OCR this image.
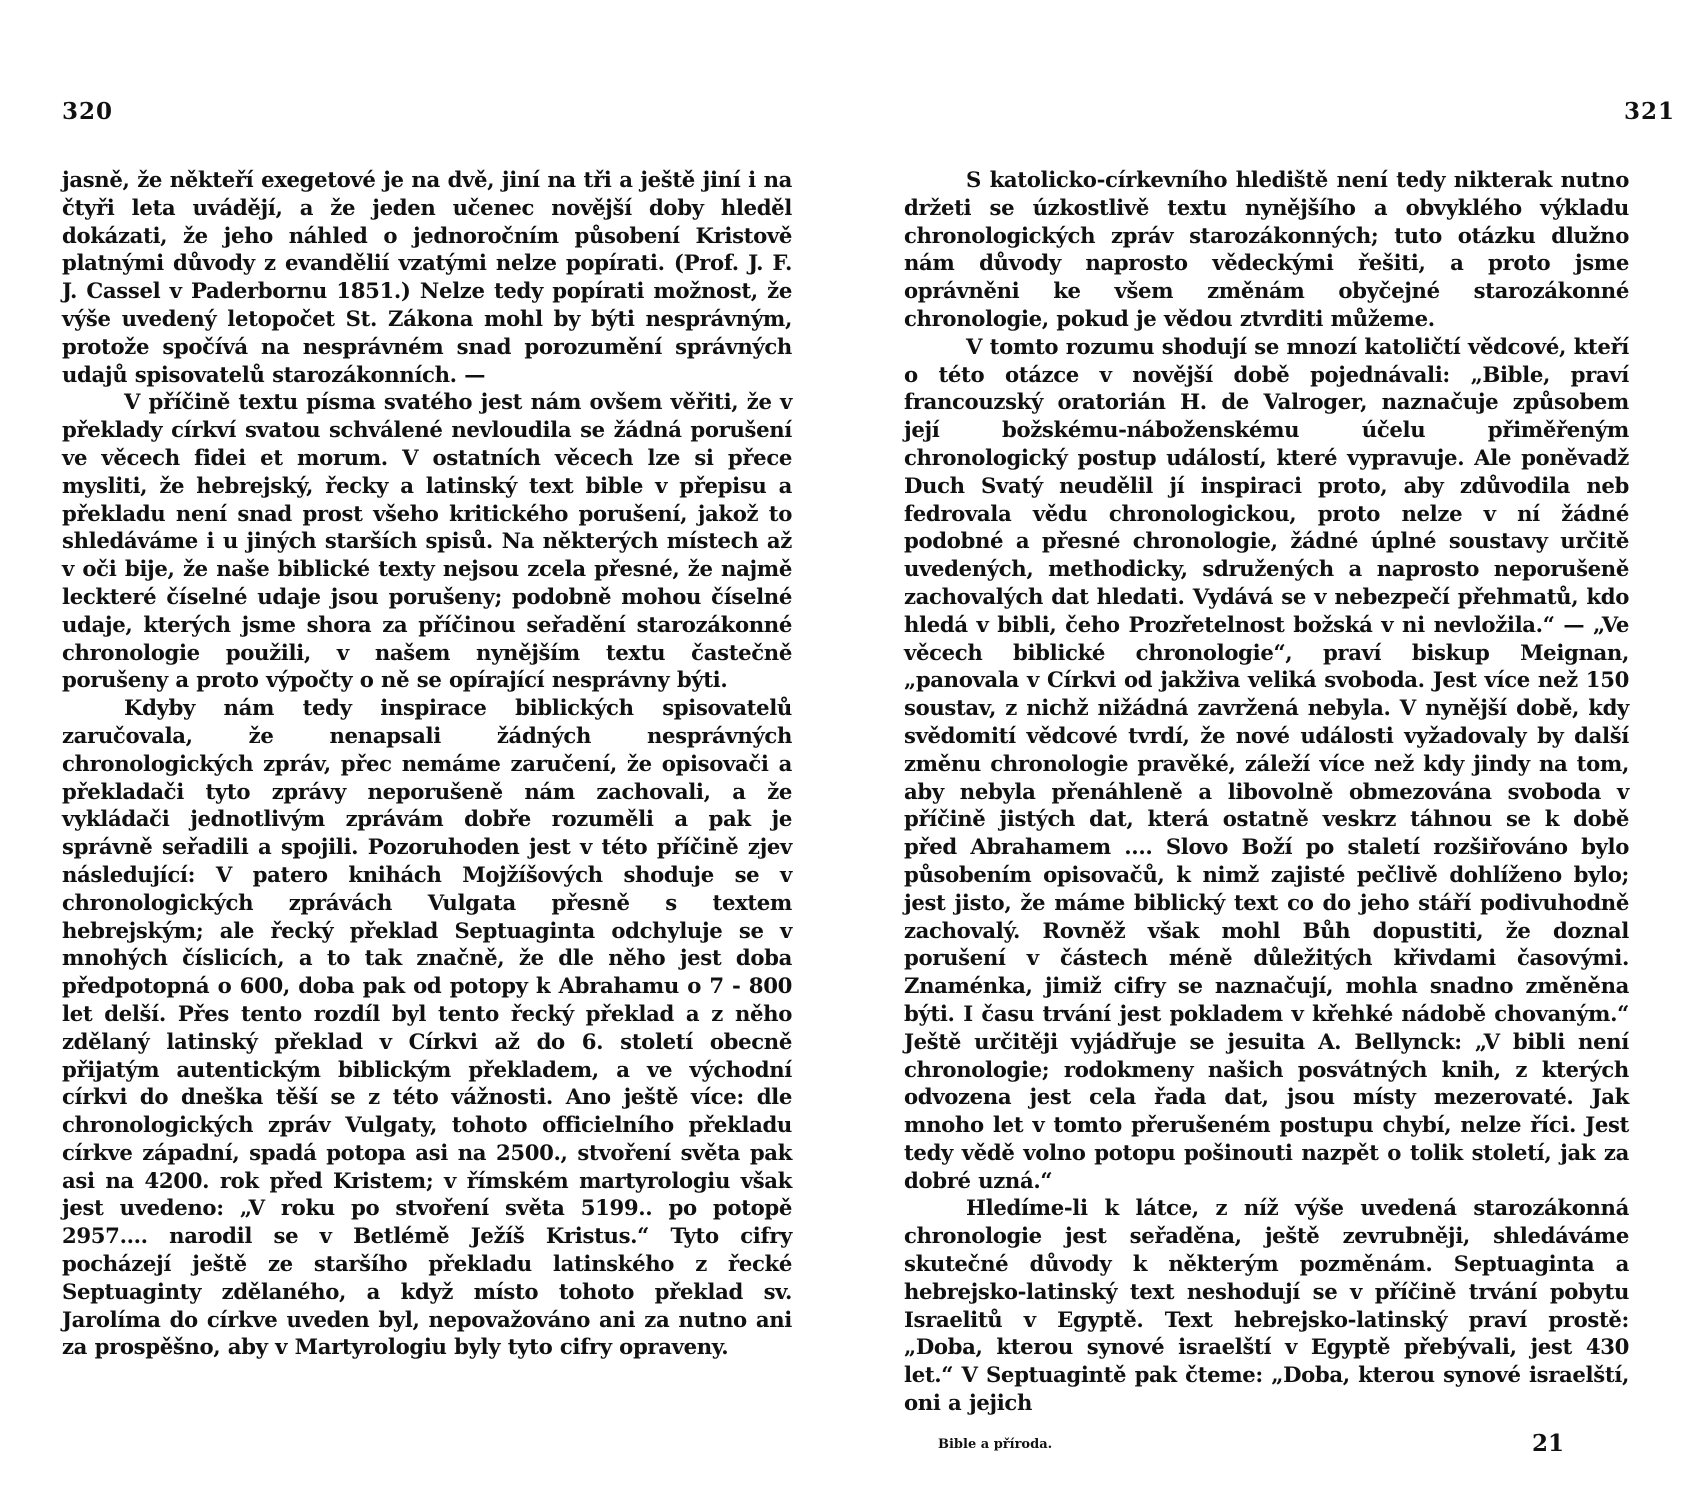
320

jasně, že někteří exegetové je na dvě, jiní na tři a ještě jiní i na čtyři leta uvádějí, a že jeden učenec novější doby hleděl dokázati, že jeho náhled o jednoročním působení Kristově platnými důvody z evandělií vzatými nelze popírati. (Prof. J. F. J. Cassel v Paderbornu 1851.) Nelze tedy popírati možnost, že výše uvedený letopočet St. Zákona mohl by býti nesprávným, protože spočívá na nesprávném snad porozumění správných udajů spisovatelů starozákonních. —

V příčině textu písma svatého jest nám ovšem věřiti, že v překlady církví svatou schválené nevloudila se žádná porušení ve věcech fidei et morum. V ostatních věcech lze si přece mysliti, že hebrejský, řecky a latinský text bible v přepisu a překladu není snad prost všeho kritického porušení, jakož to shledáváme i u jiných starších spisů. Na některých místech až v oči bije, že naše biblické texty nejsou zcela přesné, že najmě leckteré číselné udaje jsou porušeny; podobně mohou číselné udaje, kterých jsme shora za příčinou seřadění starozákonné chronologie použili, v našem nynějším textu častečně porušeny a proto výpočty o ně se opírající nesprávny býti.

Kdyby nám tedy inspirace biblických spisovatelů zaručovala, že nenapsali žádných nesprávných chronologických zpráv, přec nemáme zaručení, že opisovači a překladači tyto zprávy neporušeně nám zachovali, a že vykládači jednotlivým zprávám dobře rozuměli a pak je správně seřadili a spojili. Pozoruhoden jest v této příčině zjev následující: V patero knihách Mojžíšových shoduje se v chronologických zprávách Vulgata přesně s textem hebrejským; ale řecký překlad Septuaginta odchyluje se v mnohých číslicích, a to tak značně, že dle něho jest doba předpotopná o 600, doba pak od potopy k Abrahamu o 7 - 800 let delší. Přes tento rozdíl byl tento řecký překlad a z něho zdělaný latinský překlad v Církvi až do 6. století obecně přijatým autentickým biblickým překladem, a ve východní církvi do dneška těší se z této vážnosti. Ano ještě více: dle chronologických zpráv Vulgaty, tohoto officielního překladu církve západní, spadá potopa asi na 2500., stvoření světa pak asi na 4200. rok před Kristem; v římském martyrologiu však jest uvedeno: „V roku po stvoření světa 5199.. po potopě 2957.... narodil se v Betlémě Ježíš Kristus.“ Tyto cifry pocházejí ještě ze staršího překladu latinského z řecké Septuaginty zdělaného, a když místo tohoto překlad sv. Jarolíma do církve uveden byl, nepovažováno ani za nutno ani za prospěšno, aby v Martyrologiu byly tyto cifry opraveny.

321

S katolicko-církevního hlediště není tedy nikterak nutno držeti se úzkostlivě textu nynějšího a obvyklého výkladu chronologických zpráv starozákonných; tuto otázku dlužno nám důvody naprosto vědeckými řešiti, a proto jsme oprávněni ke všem změnám obyčejné starozákonné chronologie, pokud je vědou ztvrditi můžeme.

V tomto rozumu shodují se mnozí katoličtí vědcové, kteří o této otázce v novější době pojednávali: „Bible, praví francouzský oratorián H. de Valroger, naznačuje způsobem její božskému-náboženskému účelu přiměřeným chronologický postup událostí, které vypravuje. Ale poněvadž Duch Svatý neudělil jí inspiraci proto, aby zdůvodila neb fedrovala vědu chronologickou, proto nelze v ní žádné podobné a přesné chronologie, žádné úplné soustavy určitě uvedených, methodicky, sdružených a naprosto neporušeně zachovalých dat hledati. Vydává se v nebezpečí přehmatů, kdo hledá v bibli, čeho Prozřetelnost božská v ni nevložila.“ — „Ve věcech biblické chronologie“, praví biskup Meignan, „panovala v Církvi od jakživa veliká svoboda. Jest více než 150 soustav, z nichž nižádná zavržená nebyla. V nynější době, kdy svědomití vědcové tvrdí, že nové události vyžadovaly by další změnu chronologie pravěké, záleží více než kdy jindy na tom, aby nebyla přenáhleně a libovolně obmezována svoboda v příčině jistých dat, která ostatně veskrz táhnou se k době před Abrahamem .... Slovo Boží po staletí rozšiřováno bylo působením opisovačů, k nimž zajisté pečlivě dohlíženo bylo; jest jisto, že máme biblický text co do jeho stáří podivuhodně zachovalý. Rovněž však mohl Bůh dopustiti, že doznal porušení v částech méně důležitých křivdami časovými. Znaménka, jimiž cifry se naznačují, mohla snadno změněna býti. I času trvání jest pokladem v křehké nádobě chovaným.“ Ještě určitěji vyjádřuje se jesuita A. Bellynck: „V bibli není chronologie; rodokmeny našich posvátných knih, z kterých odvozena jest cela řada dat, jsou místy mezerovaté. Jak mnoho let v tomto přerušeném postupu chybí, nelze říci. Jest tedy vědě volno potopu pošinouti nazpět o tolik století, jak za dobré uzná.“

Hledíme-li k látce, z níž výše uvedená starozákonná chronologie jest seřaděna, ještě zevrubněji, shledáváme skutečné důvody k některým pozměnám. Septuaginta a hebrejsko-latinský text neshodují se v příčině trvání pobytu Israelitů v Egyptě. Text hebrejsko-latinský praví prostě: „Doba, kterou synové israelští v Egyptě přebývali, jest 430 let.“ V Septuagintě pak čteme: „Doba, kterou synové israelští, oni a jejich

Bible a příroda.	21
